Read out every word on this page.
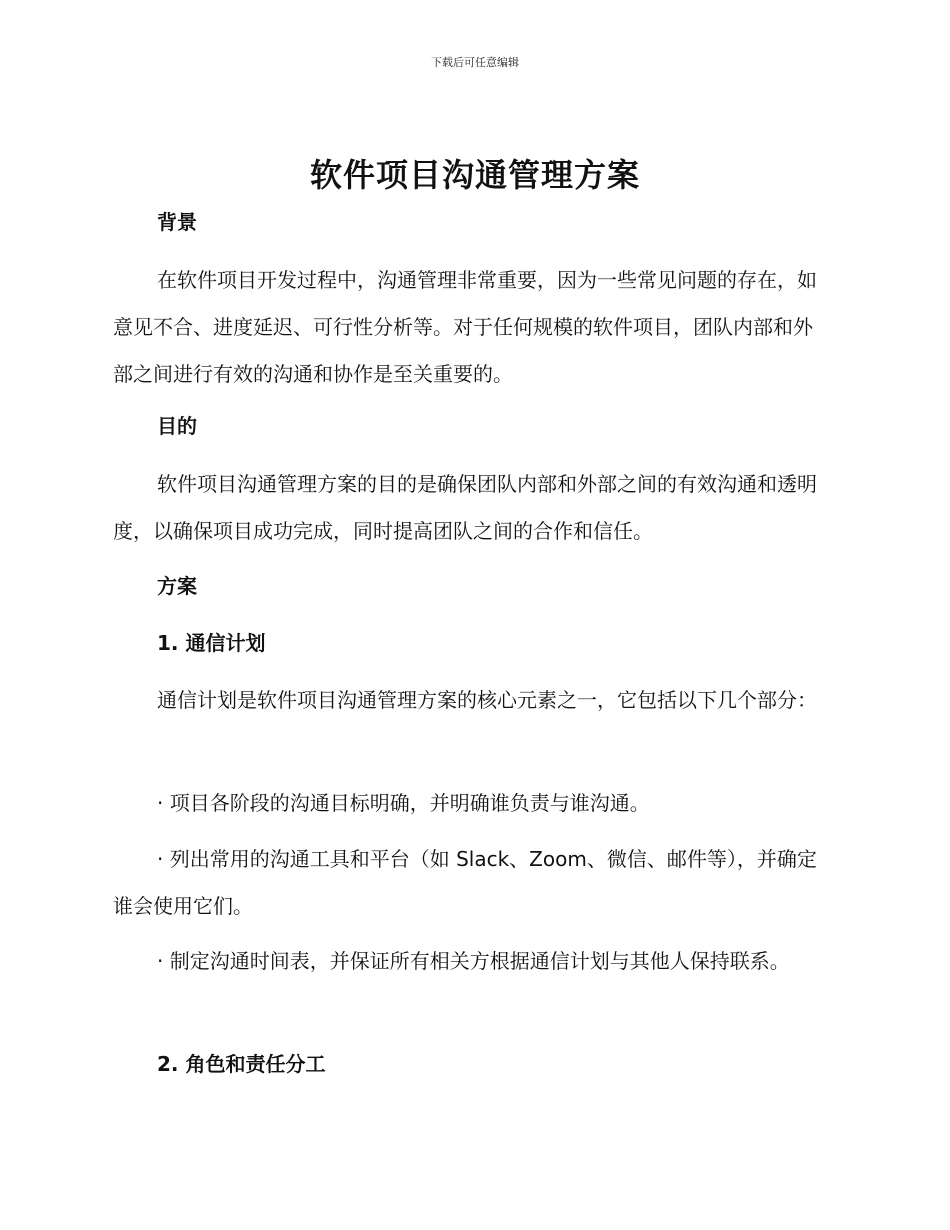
下载后可任意编辑
软件项目沟通管理方案
背景

在软件项目开发过程中，沟通管理非常重要，因为一些常见问题的存在，如意见不合、进度延迟、可行性分析等。对于任何规模的软件项目，团队内部和外部之间进行有效的沟通和协作是至关重要的。

目的

软件项目沟通管理方案的目的是确保团队内部和外部之间的有效沟通和透明度，以确保项目成功完成，同时提高团队之间的合作和信任。

方案
1. 通信计划

通信计划是软件项目沟通管理方案的核心元素之一，它包括以下几个部分：

· 项目各阶段的沟通目标明确，并明确谁负责与谁沟通。

· 列出常用的沟通工具和平台（如 Slack、Zoom、微信、邮件等），并确定谁会使用它们。

· 制定沟通时间表，并保证所有相关方根据通信计划与其他人保持联系。

2. 角色和责任分工
